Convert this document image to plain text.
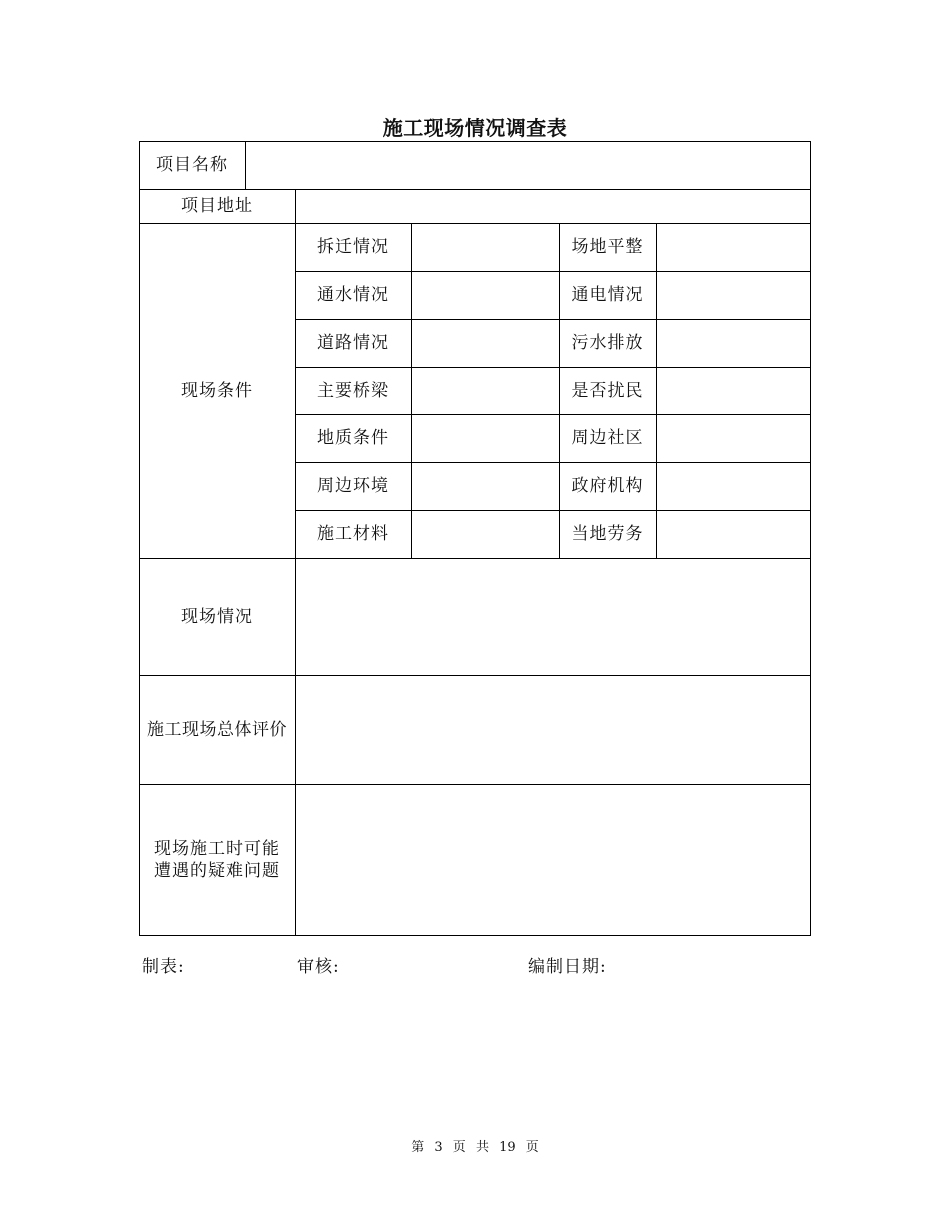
施工现场情况调查表
项目名称
项目地址
现场条件
拆迁情况	场地平整
通水情况	通电情况
道路情况	污水排放
主要桥梁	是否扰民
地质条件	周边社区
周边环境	政府机构
施工材料	当地劳务
现场情况
施工现场总体评价
现场施工时可能
遭遇的疑难问题
制表:	审核:	编制日期:
第 3 页 共 19 页
